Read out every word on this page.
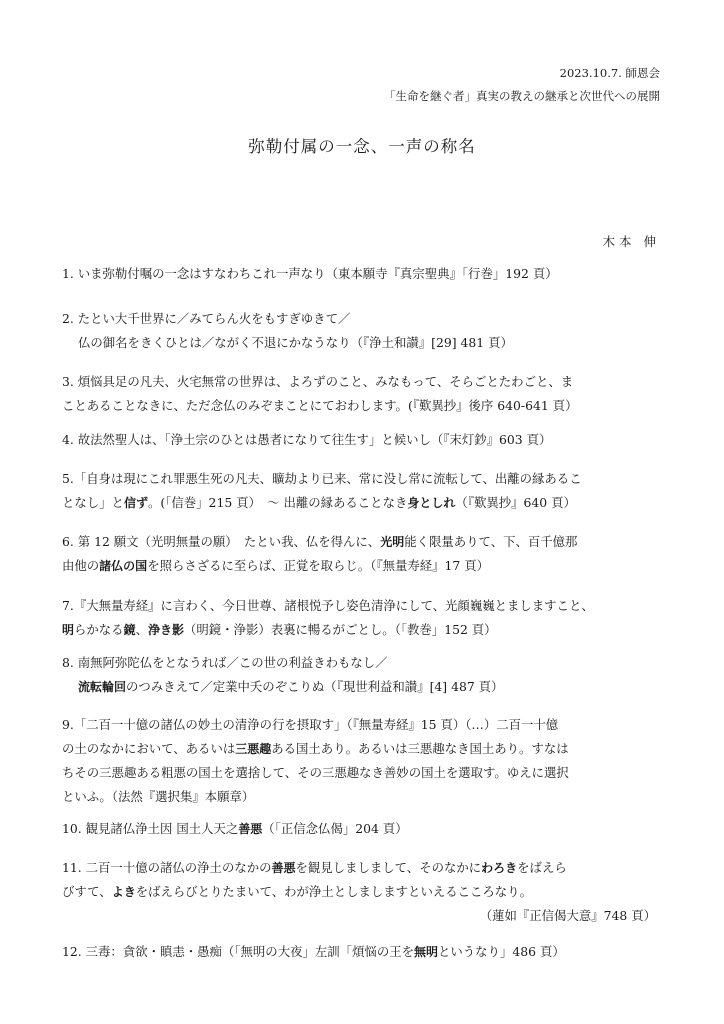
2023.10.7. 師恩会
「生命を継ぐ者」真実の教えの継承と次世代への展開
弥勒付属の一念、一声の称名
木本 伸
1. いま弥勒付嘱の一念はすなわちこれ一声なり（東本願寺『真宗聖典』「行巻」192 頁）
2. たとい大千世界に／みてらん火をもすぎゆきて／
仏の御名をきくひとは／ながく不退にかなうなり（『浄土和讃』[29] 481 頁）
3. 煩悩具足の凡夫、火宅無常の世界は、よろずのこと、みなもって、そらごとたわごと、ま
ことあることなきに、ただ念仏のみぞまことにておわします。(『歎異抄』後序 640-641 頁）
4. 故法然聖人は、「浄土宗のひとは愚者になりて往生す」と候いし（『末灯鈔』603 頁）
5.「自身は現にこれ罪悪生死の凡夫、曠劫より已来、常に没し常に流転して、出離の縁あるこ
となし」と信ず。(「信巻」215 頁）　～ 出離の縁あることなき身としれ（『歎異抄』640 頁）
6. 第 12 願文（光明無量の願）　たとい我、仏を得んに、光明能く限量ありて、下、百千億那
由他の諸仏の国を照らさざるに至らば、正覚を取らじ。（『無量寿経』17 頁）
7.『大無量寿経』に言わく、今日世尊、諸根悦予し姿色清浄にして、光顔巍巍とましますこと、
明らかなる鏡、浄き影（明鏡・浄影）表裏に暢るがごとし。（「教巻」152 頁）
8. 南無阿弥陀仏をとなうれば／この世の利益きわもなし／
流転輪回のつみきえて／定業中夭のぞこりぬ（『現世利益和讃』[4] 487 頁）
9.「二百一十億の諸仏の妙土の清浄の行を摂取す」（『無量寿経』15 頁）（…）二百一十億
の土のなかにおいて、あるいは三悪趣ある国土あり。あるいは三悪趣なき国土あり。すなは
ちその三悪趣ある粗悪の国土を選捨して、その三悪趣なき善妙の国土を選取す。ゆえに選択
といふ。（法然『選択集』本願章）
10. 観見諸仏浄土因 国土人天之善悪（「正信念仏偈」204 頁）
11. 二百一十億の諸仏の浄土のなかの善悪を観見しましまして、そのなかにわろきをばえら
びすて、よきをばえらびとりたまいて、わが浄土としましますといえるこころなり。
（蓮如『正信偈大意』748 頁）
12. 三毒：貪欲・瞋恚・愚痴（「無明の大夜」左訓「煩悩の王を無明というなり」486 頁）
